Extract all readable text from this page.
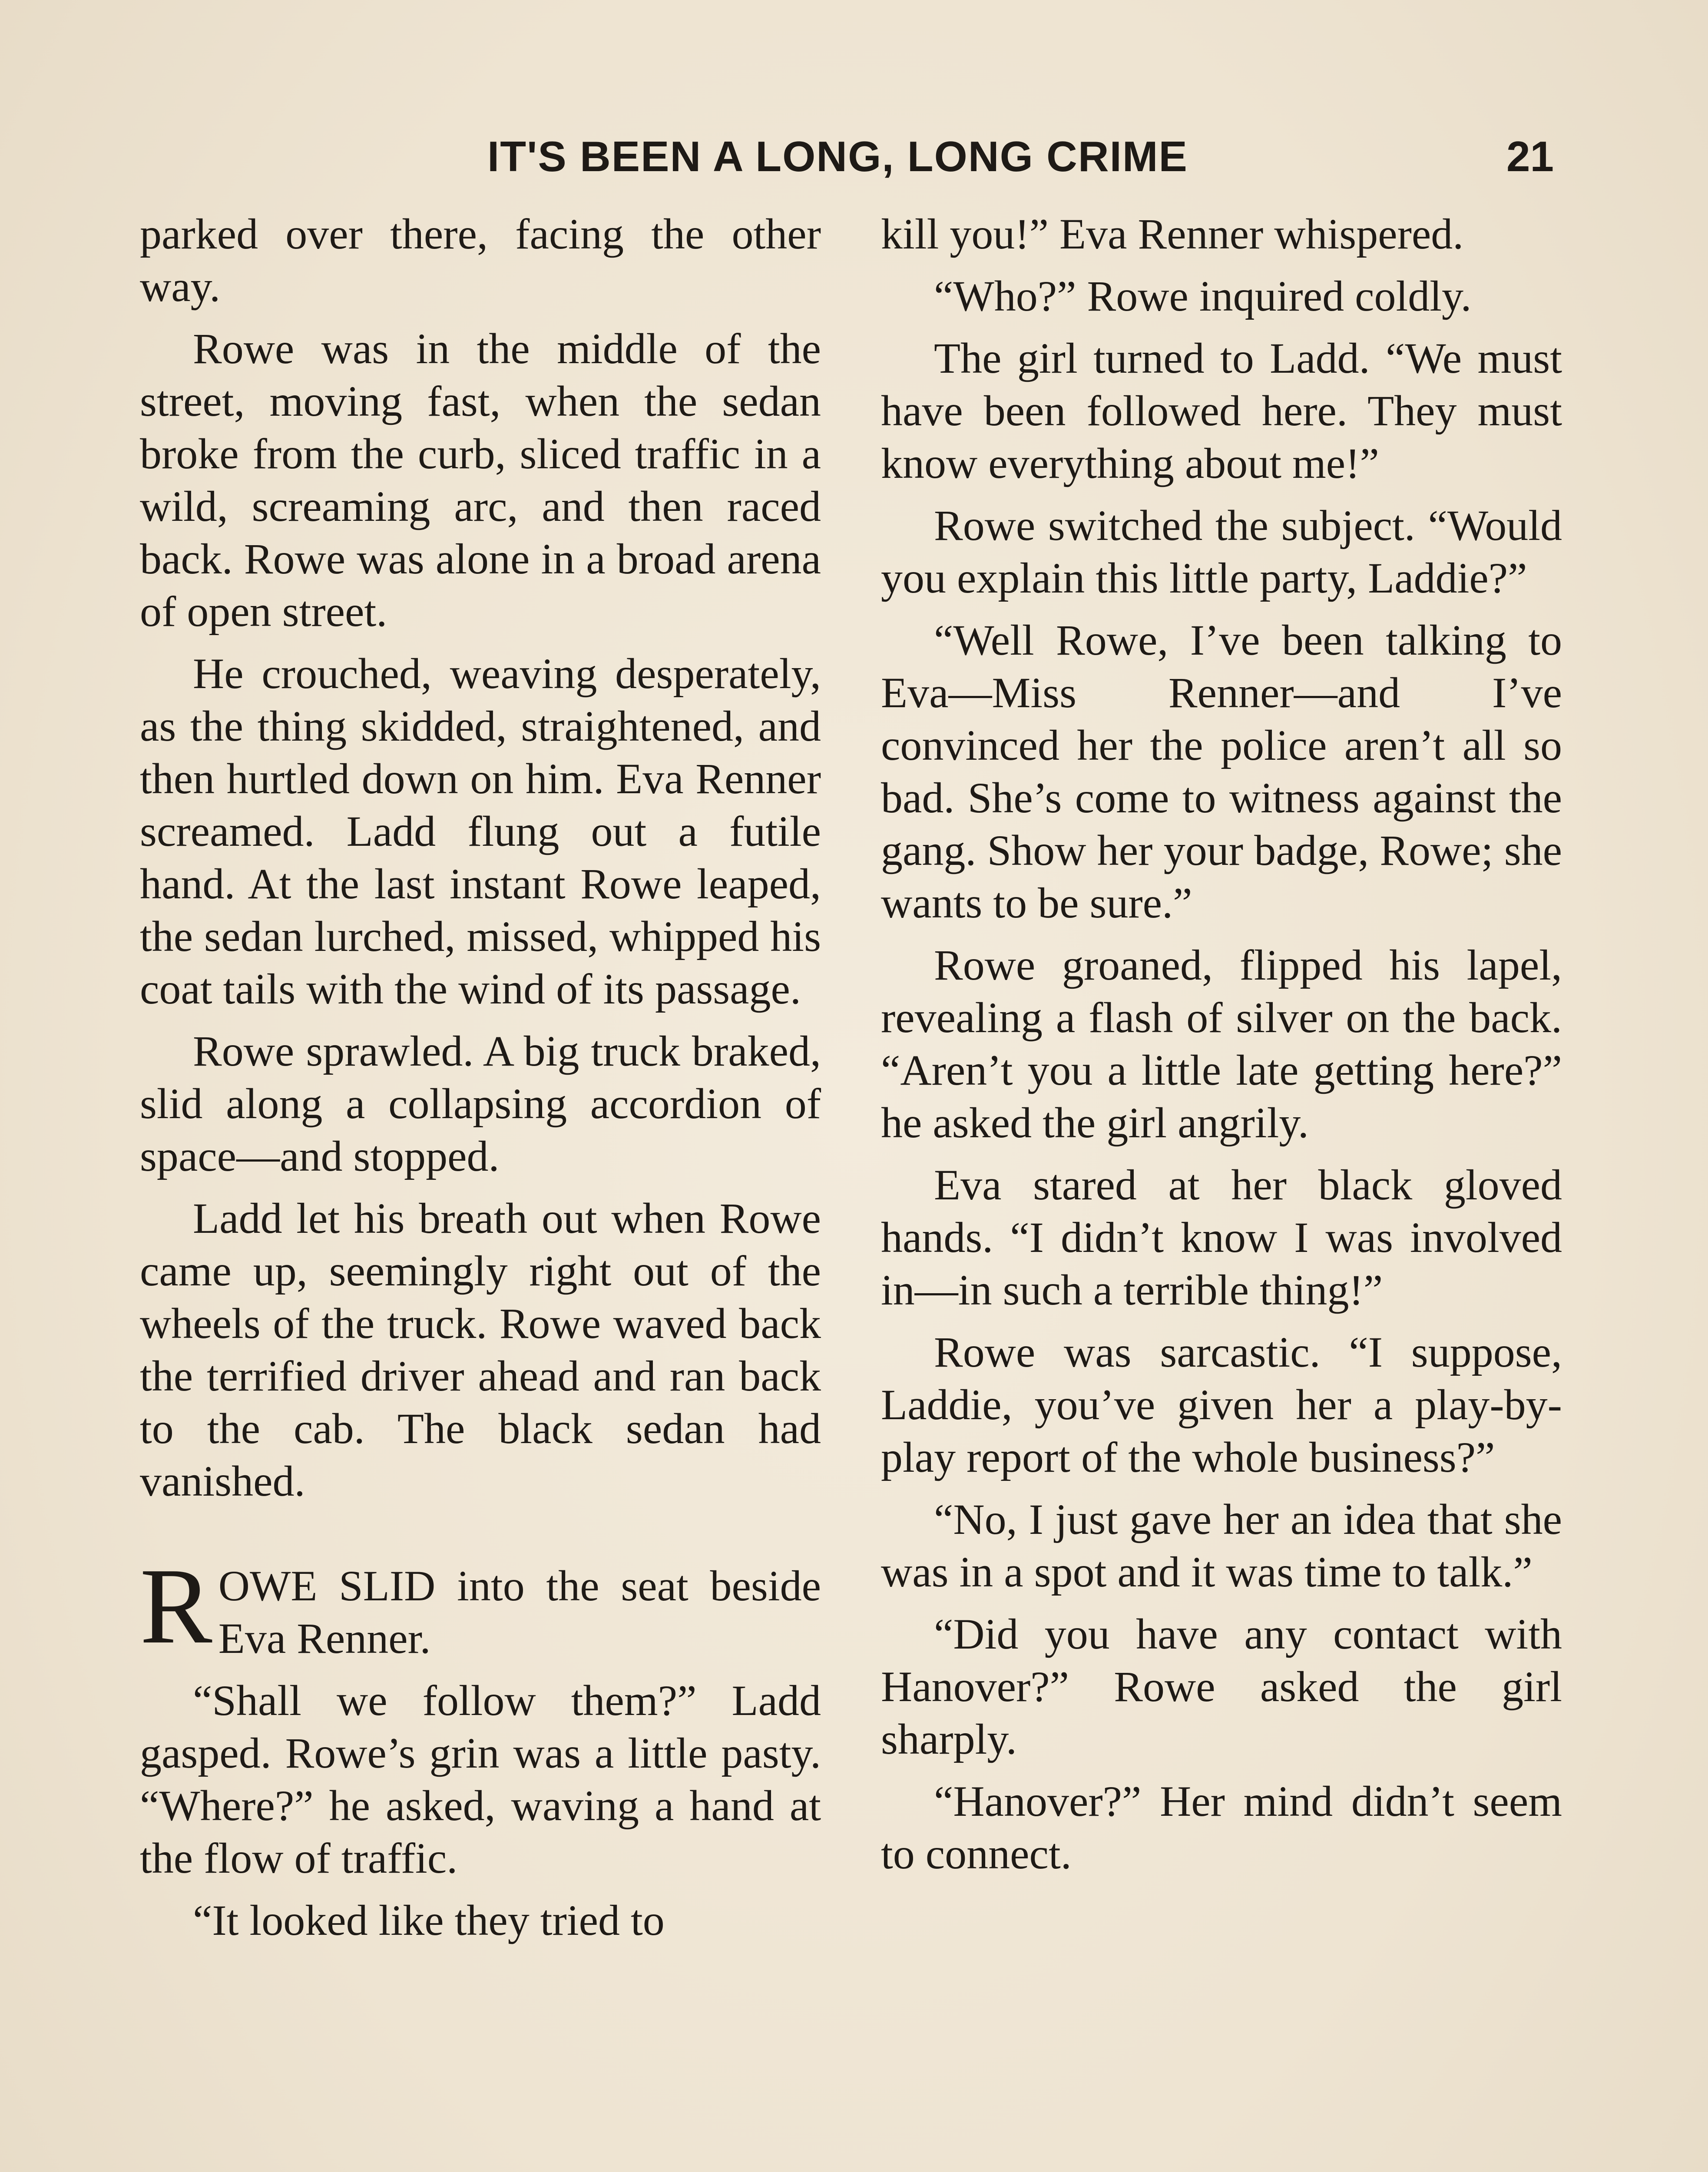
IT'S BEEN A LONG, LONG CRIME	21

parked over there, facing the other way.

Rowe was in the middle of the street, moving fast, when the sedan broke from the curb, sliced traffic in a wild, screaming arc, and then raced back. Rowe was alone in a broad arena of open street.

He crouched, weaving desperately, as the thing skidded, straightened, and then hurtled down on him. Eva Renner screamed. Ladd flung out a futile hand. At the last instant Rowe leaped, the sedan lurched, missed, whipped his coat tails with the wind of its passage.

Rowe sprawled. A big truck braked, slid along a collapsing accordion of space—and stopped.

Ladd let his breath out when Rowe came up, seemingly right out of the wheels of the truck. Rowe waved back the terrified driver ahead and ran back to the cab. The black sedan had vanished.

ROWE SLID into the seat beside Eva Renner.

“Shall we follow them?” Ladd gasped. Rowe’s grin was a little pasty. “Where?” he asked, waving a hand at the flow of traffic.

“It looked like they tried to

kill you!” Eva Renner whispered.

“Who?” Rowe inquired coldly.

The girl turned to Ladd. “We must have been followed here. They must know everything about me!”

Rowe switched the subject. “Would you explain this little party, Laddie?”

“Well Rowe, I’ve been talking to Eva—Miss Renner—and I’ve convinced her the police aren’t all so bad. She’s come to witness against the gang. Show her your badge, Rowe; she wants to be sure.”

Rowe groaned, flipped his lapel, revealing a flash of silver on the back. “Aren’t you a little late getting here?” he asked the girl angrily.

Eva stared at her black gloved hands. “I didn’t know I was involved in—in such a terrible thing!”

Rowe was sarcastic. “I suppose, Laddie, you’ve given her a play-by-play report of the whole business?”

“No, I just gave her an idea that she was in a spot and it was time to talk.”

“Did you have any contact with Hanover?” Rowe asked the girl sharply.

“Hanover?” Her mind didn’t seem to connect.
